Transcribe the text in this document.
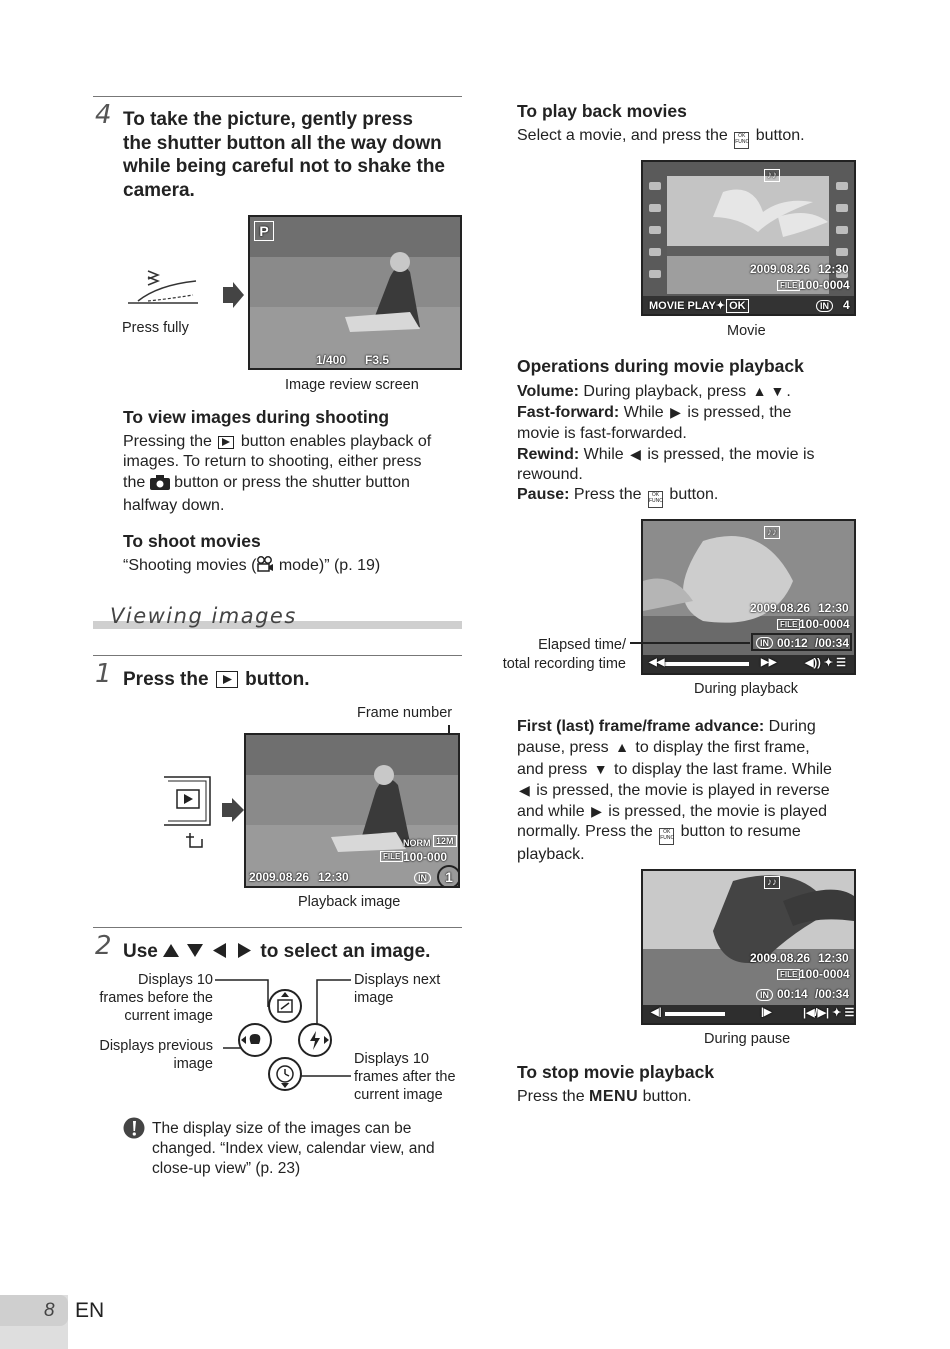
4 To take the picture, gently press
the shutter button all the way down
while being careful not to shake the
camera.
Press fully
P
1/400 F3.5
Image review screen
To view images during shooting
Pressing the button enables playback of
images. To return to shooting, either press
the button or press the shutter button
halfway down.
To shoot movies
“Shooting movies ( mode)” (p. 19)
Viewing images
1 Press the button.
Frame number
NORM 12M
FILE 100-000
2009.08.26 12:30	IN	1
Playback image
2 Use	to select an image.
Displays 10
frames before the
current image
Displays next
image
Displays previous
image	Displays 10
frames after the
current image
The display size of the images can be
changed. “Index view, calendar view, and
close-up view” (p. 23)
To play back movies
Select a movie, and press the OK FUNC button.
♪♪
2009.08.26 12:30
FILE 100-0004
MOVIE PLAY✦ OK	IN	4
Movie
Operations during movie playback
Volume: During playback, press ▲ ▼ .
Fast-forward: While ▶ is pressed, the
movie is fast-forwarded.
Rewind: While ◀ is pressed, the movie is
rewound.
Pause: Press the OK FUNC button.
♪♪
2009.08.26 12:30
FILE 100-0004
IN 00:12 /00:34
◀◀	▶▶	◀)) ✦ ☰
Elapsed time/
total recording time
During playback
First (last) frame/frame advance: During
pause, press ▲ to display the first frame,
and press ▼ to display the last frame. While
◀ is pressed, the movie is played in reverse
and while ▶ is pressed, the movie is played
normally. Press the OK FUNC button to resume
playback.
♪♪
2009.08.26 12:30
FILE 100-0004
IN 00:14 /00:34
◀|	|▶	|◀/▶| ✦ ☰
During pause
To stop movie playback
Press the MENU button.
8 EN
